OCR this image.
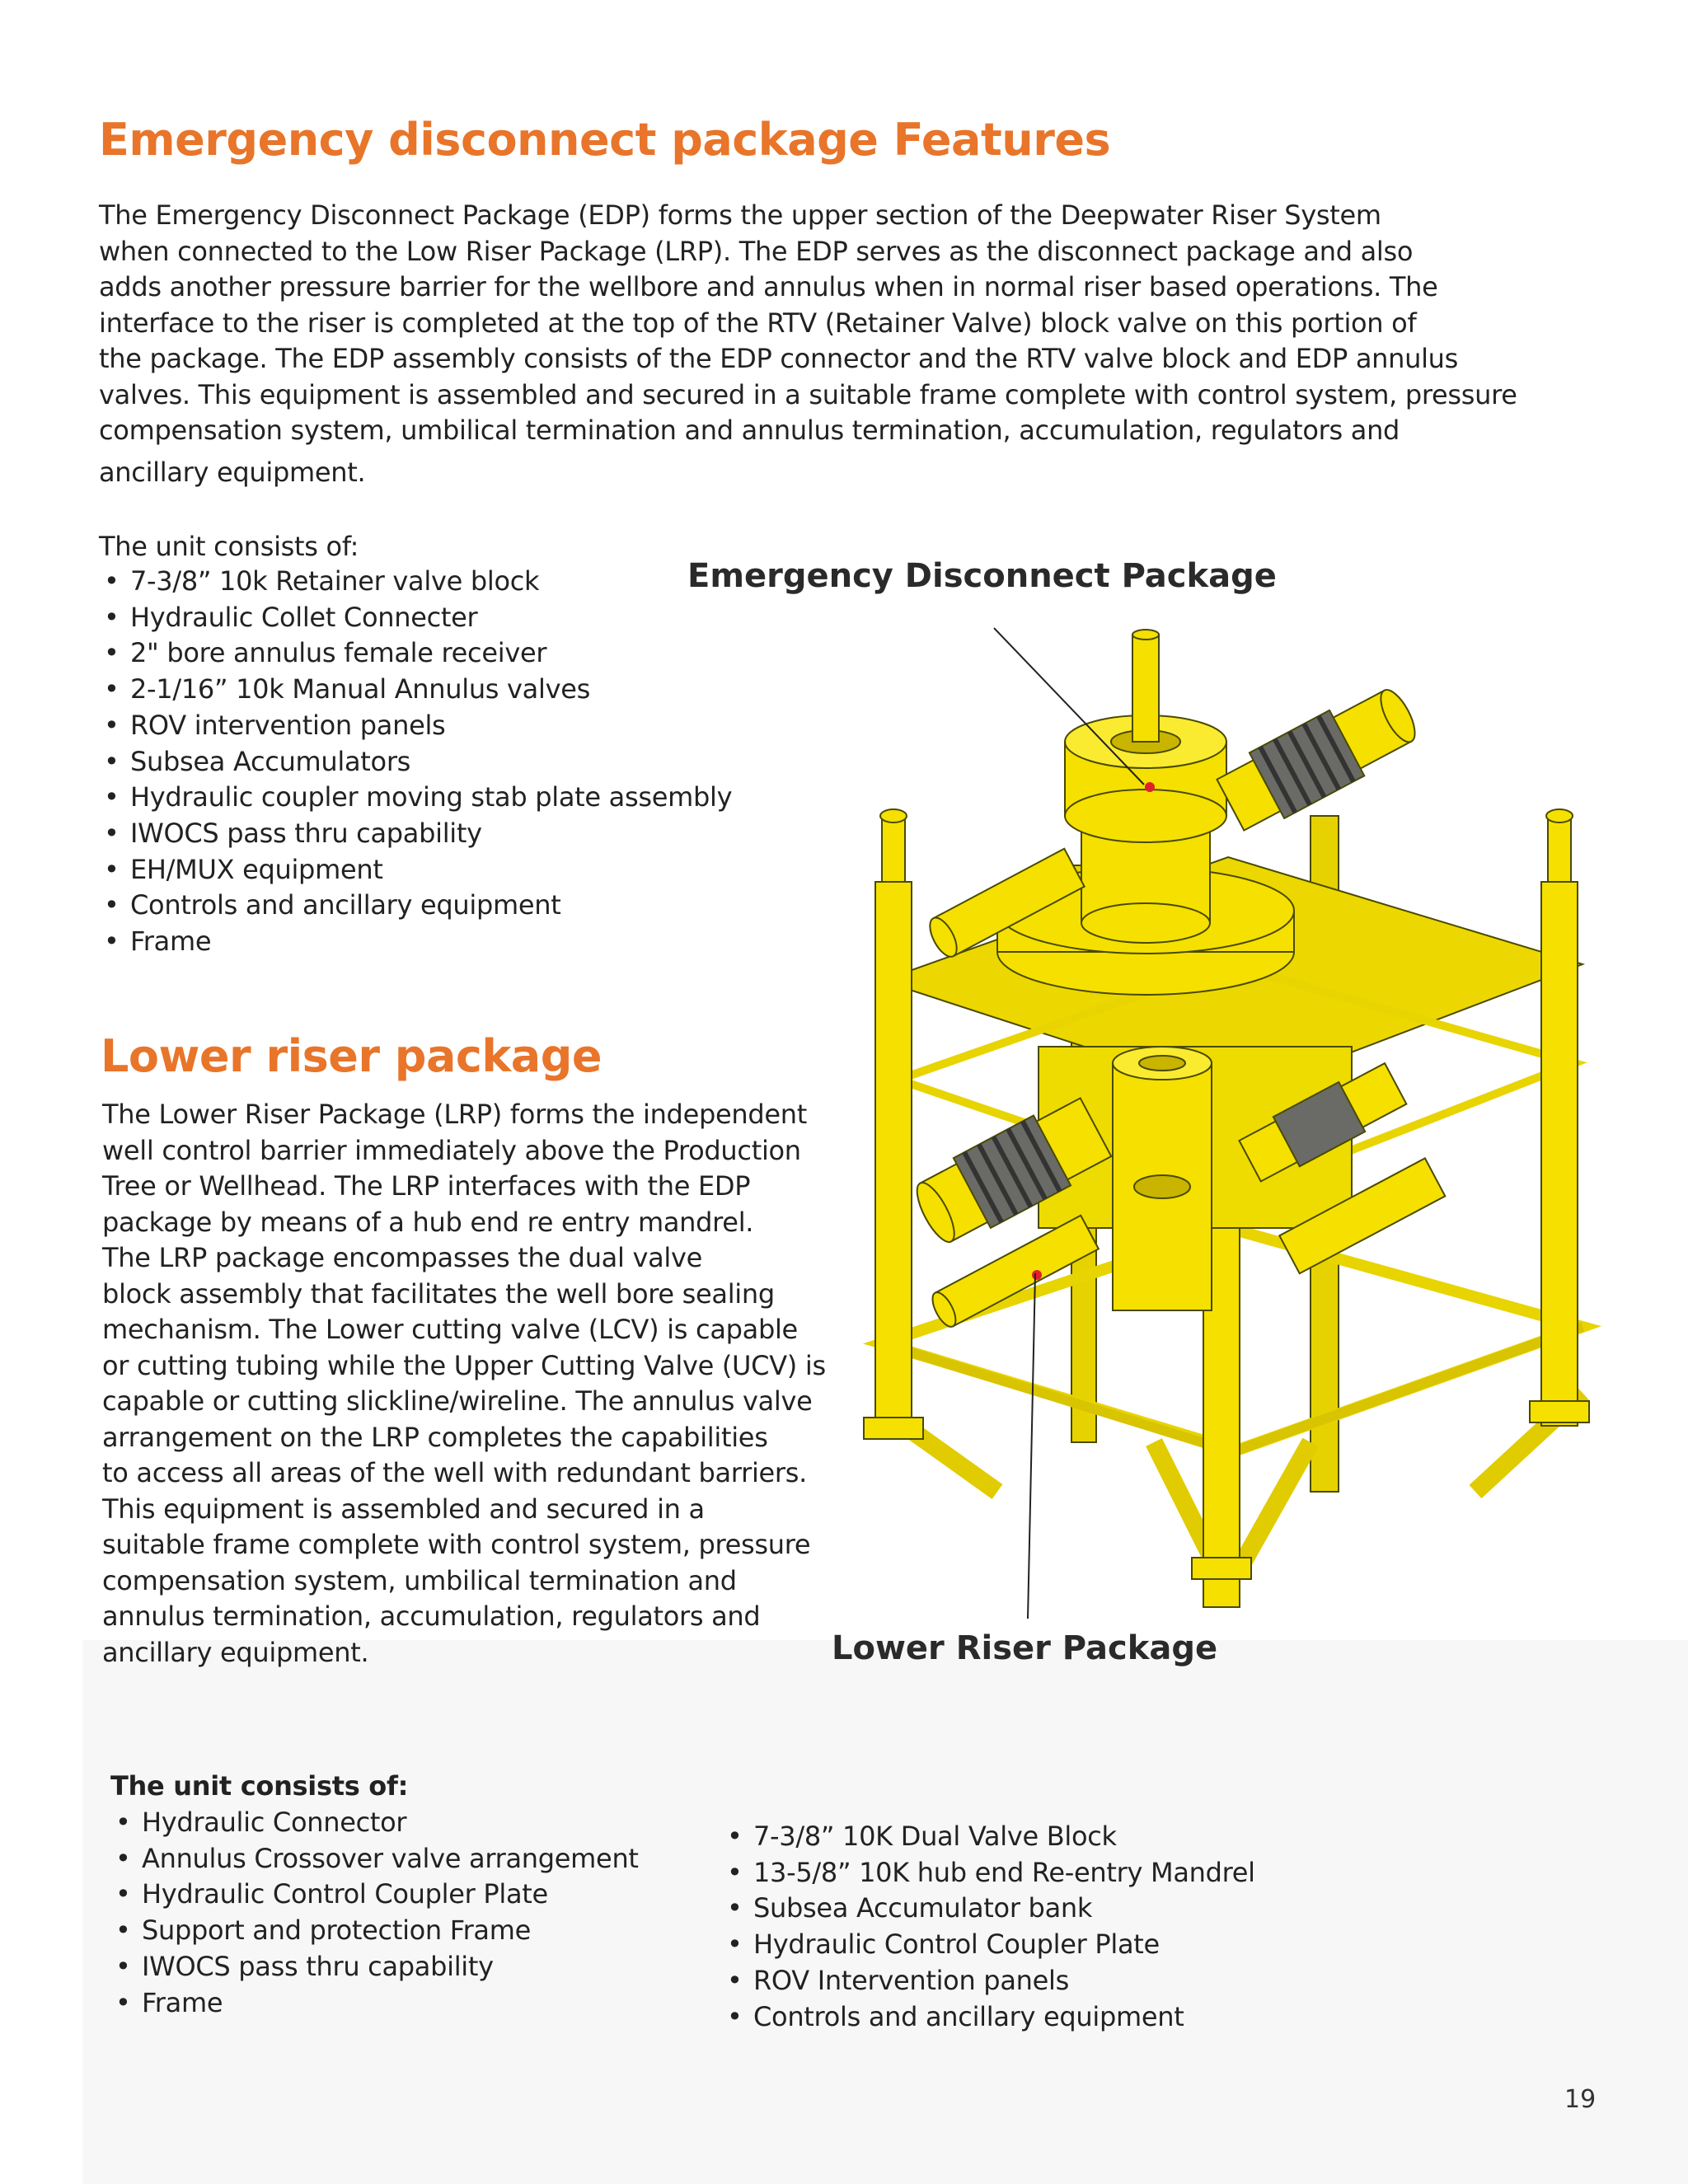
Emergency disconnect package Features
The Emergency Disconnect Package (EDP) forms the upper section of the Deepwater Riser System
when connected to the Low Riser Package (LRP). The EDP serves as the disconnect package and also
adds another pressure barrier for the wellbore and annulus when in normal riser based operations. The
interface to the riser is completed at the top of the RTV (Retainer Valve) block valve on this portion of
the package. The EDP assembly consists of the EDP connector and the RTV valve block and EDP annulus
valves. This equipment is assembled and secured in a suitable frame complete with control system, pressure
compensation system, umbilical termination and annulus termination, accumulation, regulators and
ancillary equipment.
The unit consists of:
• 7-3/8” 10k Retainer valve block
• Hydraulic Collet Connecter
• 2" bore annulus female receiver
• 2-1/16” 10k Manual Annulus valves
• ROV intervention panels
• Subsea Accumulators
• Hydraulic coupler moving stab plate assembly
• IWOCS pass thru capability
• EH/MUX equipment
• Controls and ancillary equipment
• Frame
Lower riser package
The Lower Riser Package (LRP) forms the independent
well control barrier immediately above the Production
Tree or Wellhead. The LRP interfaces with the EDP
package by means of a hub end re entry mandrel.
The LRP package encompasses the dual valve
block assembly that facilitates the well bore sealing
mechanism. The Lower cutting valve (LCV) is capable
or cutting tubing while the Upper Cutting Valve (UCV) is
capable or cutting slickline/wireline. The annulus valve
arrangement on the LRP completes the capabilities
to access all areas of the well with redundant barriers.
This equipment is assembled and secured in a
suitable frame complete with control system, pressure
compensation system, umbilical termination and
annulus termination, accumulation, regulators and
ancillary equipment.
Emergency Disconnect Package
Lower Riser Package
The unit consists of:
• Hydraulic Connector
• Annulus Crossover valve arrangement
• Hydraulic Control Coupler Plate
• Support and protection Frame
• IWOCS pass thru capability
• Frame
• 7-3/8” 10K Dual Valve Block
• 13-5/8” 10K hub end Re-entry Mandrel
• Subsea Accumulator bank
• Hydraulic Control Coupler Plate
• ROV Intervention panels
• Controls and ancillary equipment
19
